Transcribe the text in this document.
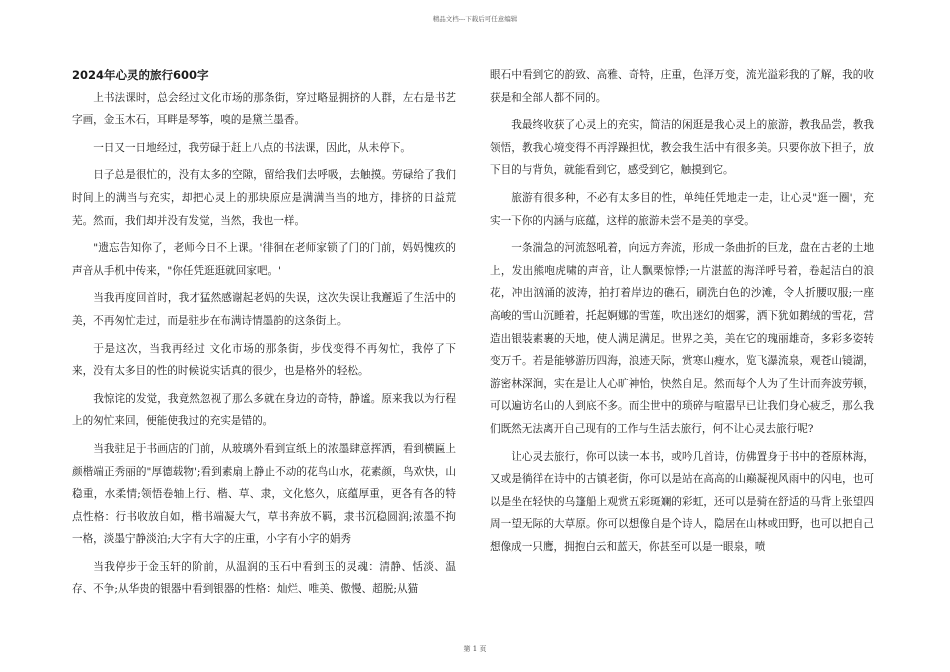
精品文档---下载后可任意编辑
2024年心灵的旅行600字

上书法课时，总会经过文化市场的那条街，穿过略显拥挤的人群，左右是书艺字画，金玉木石，耳畔是琴筝，嗅的是黛兰墨香。

一日又一日地经过，我劳碌于赶上八点的书法课，因此，从未停下。

日子总是很忙的，没有太多的空隙，留给我们去呼吸，去触摸。劳碌给了我们时间上的满当与充实，却把心灵上的那块原应是满满当当的地方，排挤的日益荒芜。然而，我们却并没有发觉，当然，我也一样。

"遗忘告知你了，老师今日不上课。'徘徊在老师家锁了门的门前，妈妈愧疚的声音从手机中传来，"你任凭逛逛就回家吧。'

当我再度回首时，我才猛然感谢起老妈的失误，这次失误让我邂逅了生活中的美，不再匆忙走过，而是驻步在布满诗情墨韵的这条街上。

于是这次，当我再经过 文化市场的那条街，步伐变得不再匆忙，我停了下来，没有太多目的性的时候说实话真的很少，也是格外的轻松。

我惊诧的发觉，我竟然忽视了那么多就在身边的奇特，静谧。原来我以为行程上的匆忙来回，便能使我过的充实是错的。

当我驻足于书画店的门前，从玻璃外看到宣纸上的浓墨肆意挥洒，看到横匾上颜楷端正秀丽的"厚德载物';看到素扇上静止不动的花鸟山水，花素颜，鸟欢快，山稳重，水柔情;领悟卷轴上行、楷、草、隶，文化悠久，底蕴厚重，更各有各的特点性格：行书收放自如，楷书端凝大气，草书奔放不羁，隶书沉稳圆润;浓墨不拘一格，淡墨宁静淡泊;大字有大字的庄重，小字有小字的娟秀

当我停步于金玉轩的阶前，从温润的玉石中看到玉的灵魂：清静、恬淡、温存、不争;从华贵的银器中看到银器的性格：灿烂、唯美、傲慢、超脱;从猫

眼石中看到它的韵致、高雅、奇特，庄重，色泽万变，流光溢彩我的了解，我的收获是和全部人都不同的。

我最终收获了心灵上的充实，简洁的闲逛是我心灵上的旅游，教我品尝，教我领悟，教我心境变得不再浮躁担忧，教会我生活中有很多美。只要你放下担子，放下目的与背负，就能看到它，感受到它，触摸到它。

旅游有很多种，不必有太多目的性，单纯任凭地走一走，让心灵"逛一圈'，充实一下你的内涵与底蕴，这样的旅游未尝不是美的享受。

一条湍急的河流怒吼着，向远方奔流，形成一条曲折的巨龙，盘在古老的土地上，发出熊咆虎啸的声音，让人飘栗惊悸;一片湛蓝的海洋呼号着，卷起洁白的浪花，冲出汹涌的波涛，拍打着岸边的礁石，刷洗白色的沙滩，令人折腰叹服;一座高峻的雪山沉睡着，托起婀娜的雪莲，吹出迷幻的烟雾，洒下犹如鹅绒的雪花，营造出银装素裹的天地，使人满足满足。世界之美，美在它的瑰丽雄奇，多彩多姿转变万千。若是能够游历四海，浪迹天际，赏寒山瘦水，览飞瀑流泉，观苍山镜湖，游密林深涧，实在是让人心旷神怡，快然自足。然而每个人为了生计而奔波劳顿，可以遍访名山的人到底不多。而尘世中的琐碎与喧嚣早已让我们身心疲乏，那么我们既然无法离开自己现有的工作与生活去旅行，何不让心灵去旅行呢?

让心灵去旅行，你可以读一本书，或吟几首诗，仿佛置身于书中的苍原林海，又或是徜徉在诗中的古镇老街，你可以是站在高高的山巅凝视风雨中的闪电，也可以是坐在轻快的乌篷船上观赏五彩斑斓的彩虹，还可以是骑在舒适的马背上张望四周一望无际的大草原。你可以想像自是个诗人，隐居在山林或田野，也可以把自己想像成一只鹰，拥抱白云和蓝天，你甚至可以是一眼泉，喷

第 1 页
